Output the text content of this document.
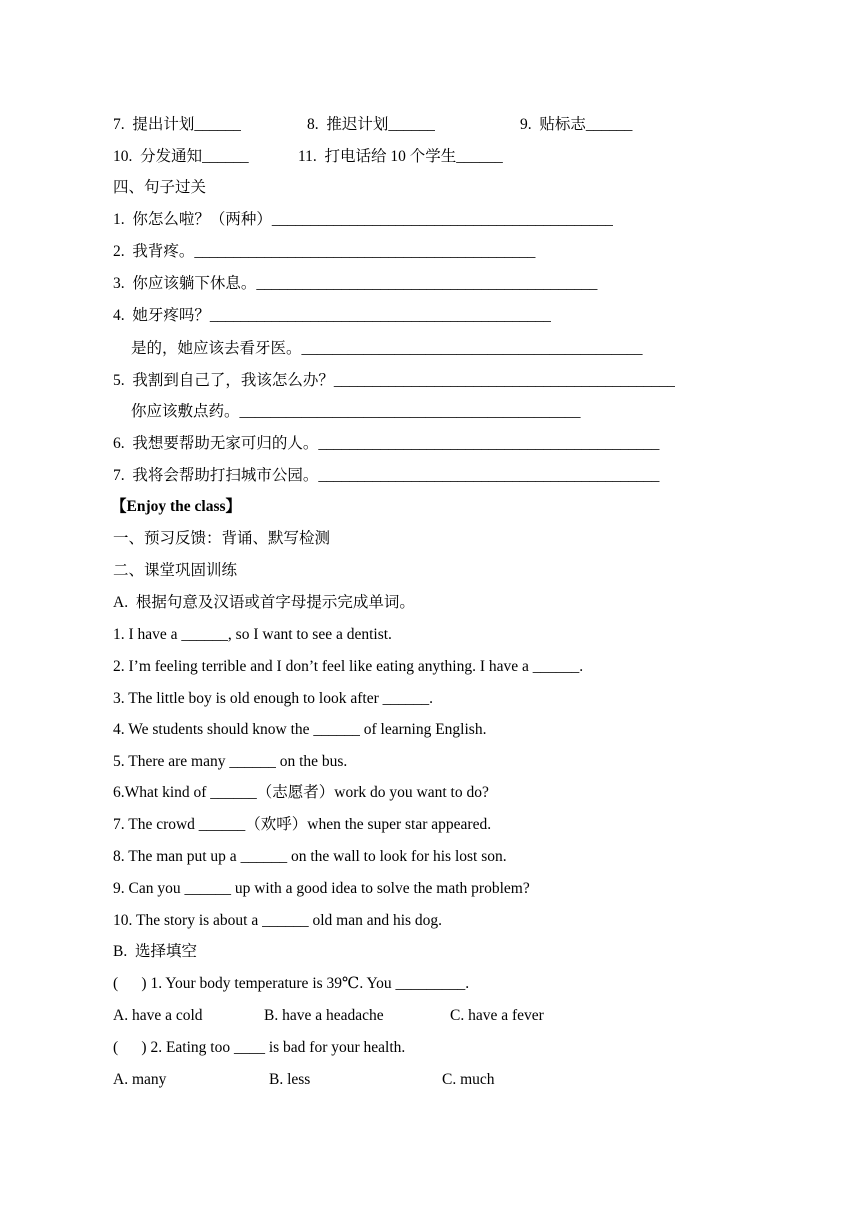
7.  提出计划______

	8.  推迟计划______

	9.  贴标志______

10.  分发通知______

	11.  打电话给 10 个学生______

四、句子过关
1.  你怎么啦？（两种）____________________________________________
2.  我背疼。____________________________________________
3.  你应该躺下休息。____________________________________________
4.  她牙疼吗？____________________________________________
是的，她应该去看牙医。____________________________________________
5.  我割到自己了，我该怎么办？____________________________________________
你应该敷点药。____________________________________________
6.  我想要帮助无家可归的人。____________________________________________
7.  我将会帮助打扫城市公园。____________________________________________
【Enjoy the class】
一、预习反馈：背诵、默写检测
二、课堂巩固训练
A.  根据句意及汉语或首字母提示完成单词。
1. I have a ______, so I want to see a dentist.
2. I’m feeling terrible and I don’t feel like eating anything. I have a ______.
3. The little boy is old enough to look after ______.
4. We students should know the ______ of learning English.
5. There are many ______ on the bus.
6.What kind of ______（志愿者）work do you want to do?
7. The crowd ______（欢呼）when the super star appeared.
8. The man put up a ______ on the wall to look for his lost son.
9. Can you ______ up with a good idea to solve the math problem?
10. The story is about a ______ old man and his dog.
B.  选择填空
(      ) 1. Your body temperature is 39℃. You _________.

A. have a cold

	B. have a headache

	C. have a fever

(      ) 2. Eating too ____ is bad for your health.

A. many

	B. less

	C. much
